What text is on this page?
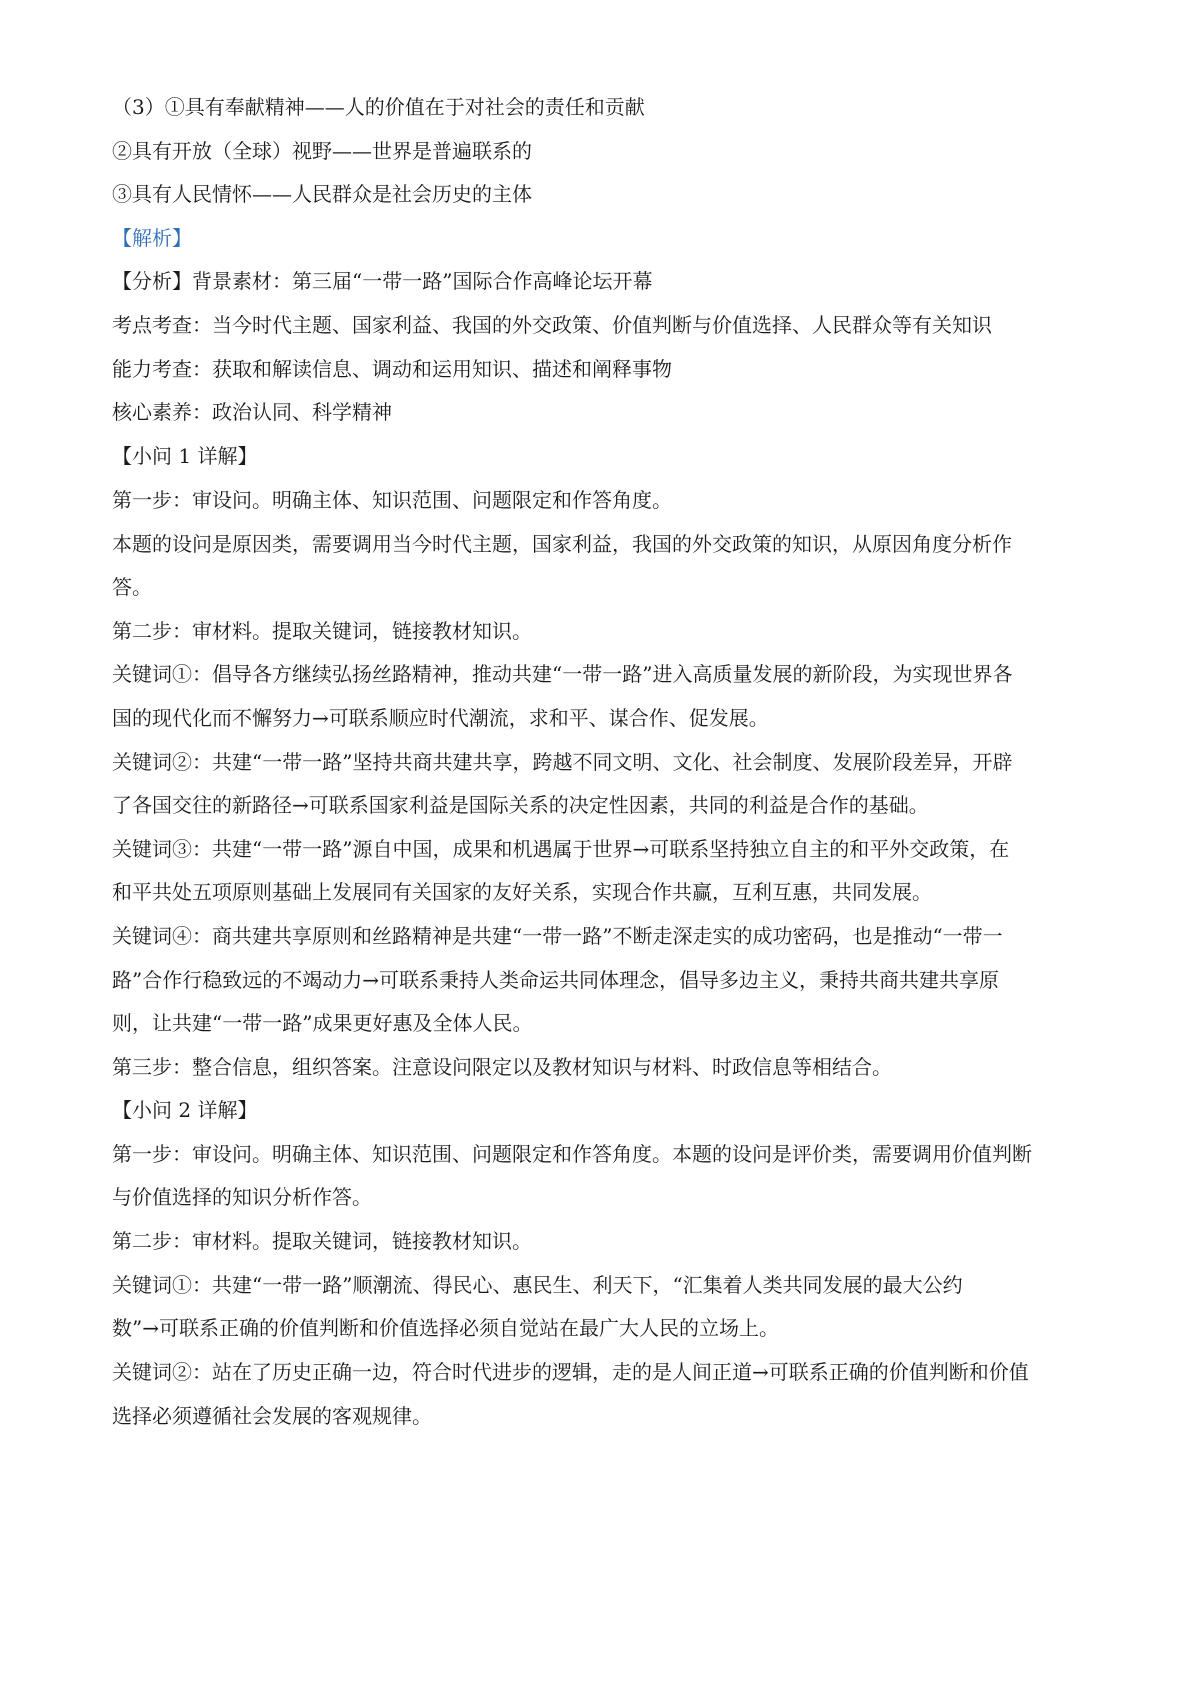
（3）①具有奉献精神——人的价值在于对社会的责任和贡献
②具有开放（全球）视野——世界是普遍联系的
③具有人民情怀——人民群众是社会历史的主体
【解析】
【分析】背景素材：第三届“一带一路”国际合作高峰论坛开幕
考点考查：当今时代主题、国家利益、我国的外交政策、价值判断与价值选择、人民群众等有关知识
能力考查：获取和解读信息、调动和运用知识、描述和阐释事物
核心素养：政治认同、科学精神
【小问 1 详解】
第一步：审设问。明确主体、知识范围、问题限定和作答角度。
本题的设问是原因类，需要调用当今时代主题，国家利益，我国的外交政策的知识，从原因角度分析作
答。
第二步：审材料。提取关键词，链接教材知识。
关键词①：倡导各方继续弘扬丝路精神，推动共建“一带一路”进入高质量发展的新阶段，为实现世界各
国的现代化而不懈努力→可联系顺应时代潮流，求和平、谋合作、促发展。
关键词②：共建“一带一路”坚持共商共建共享，跨越不同文明、文化、社会制度、发展阶段差异，开辟
了各国交往的新路径→可联系国家利益是国际关系的决定性因素，共同的利益是合作的基础。
关键词③：共建“一带一路”源自中国，成果和机遇属于世界→可联系坚持独立自主的和平外交政策，在
和平共处五项原则基础上发展同有关国家的友好关系，实现合作共赢，互利互惠，共同发展。
关键词④：商共建共享原则和丝路精神是共建“一带一路”不断走深走实的成功密码，也是推动“一带一
路”合作行稳致远的不竭动力→可联系秉持人类命运共同体理念，倡导多边主义，秉持共商共建共享原
则，让共建“一带一路”成果更好惠及全体人民。
第三步：整合信息，组织答案。注意设问限定以及教材知识与材料、时政信息等相结合。
【小问 2 详解】
第一步：审设问。明确主体、知识范围、问题限定和作答角度。本题的设问是评价类，需要调用价值判断
与价值选择的知识分析作答。
第二步：审材料。提取关键词，链接教材知识。
关键词①：共建“一带一路”顺潮流、得民心、惠民生、利天下，“汇集着人类共同发展的最大公约
数”→可联系正确的价值判断和价值选择必须自觉站在最广大人民的立场上。
关键词②：站在了历史正确一边，符合时代进步的逻辑，走的是人间正道→可联系正确的价值判断和价值
选择必须遵循社会发展的客观规律。
